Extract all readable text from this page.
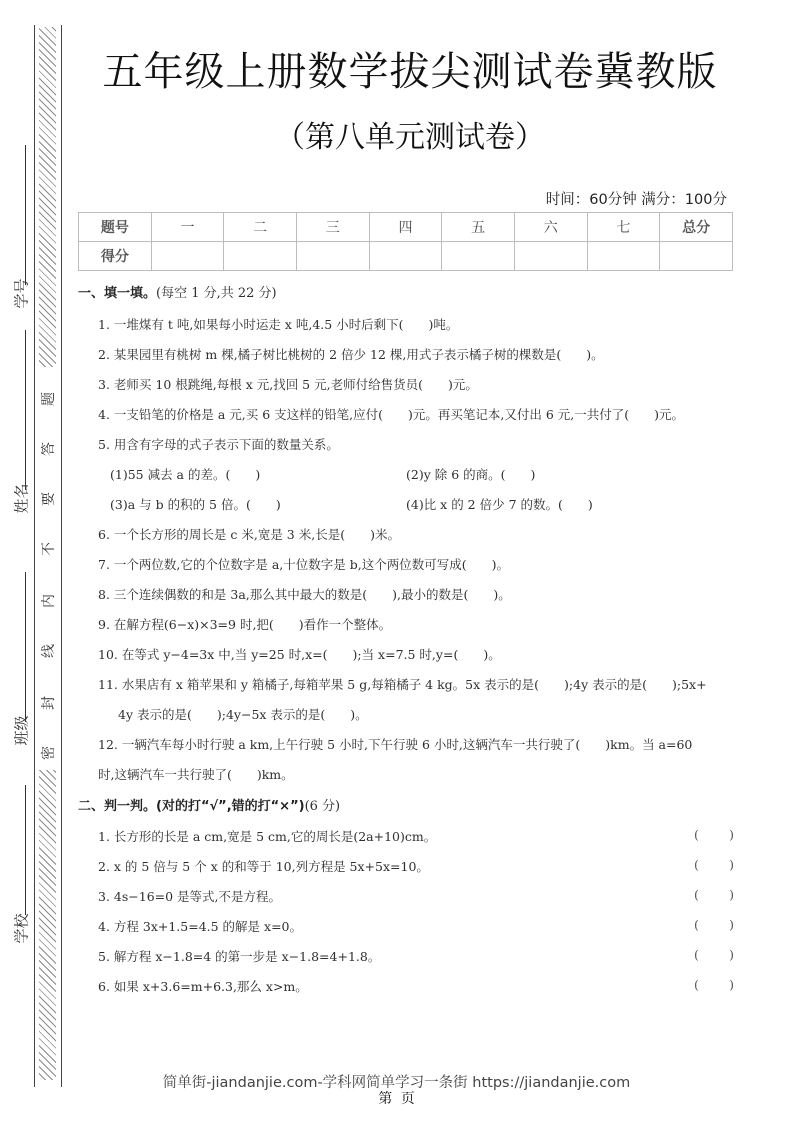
题
答
要
不
内
线
封
密
学号
姓名
班级
学校
五年级上册数学拔尖测试卷冀教版
（第八单元测试卷）
时间：60分钟 满分：100分
题号	一	二	三	四	五	六	七	总分
得分								
一、填一填。(每空 1 分,共 22 分)
1. 一堆煤有 t 吨,如果每小时运走 x 吨,4.5 小时后剩下(　　)吨。
2. 某果园里有桃树 m 棵,橘子树比桃树的 2 倍少 12 棵,用式子表示橘子树的棵数是(　　)。
3. 老师买 10 根跳绳,每根 x 元,找回 5 元,老师付给售货员(　　)元。
4. 一支铅笔的价格是 a 元,买 6 支这样的铅笔,应付(　　)元。再买笔记本,又付出 6 元,一共付了(　　)元。
5. 用含有字母的式子表示下面的数量关系。
(1)55 减去 a 的差。(　　)	(2)y 除 6 的商。(　　)
(3)a 与 b 的积的 5 倍。(　　)	(4)比 x 的 2 倍少 7 的数。(　　)
6. 一个长方形的周长是 c 米,宽是 3 米,长是(　　)米。
7. 一个两位数,它的个位数字是 a,十位数字是 b,这个两位数可写成(　　)。
8. 三个连续偶数的和是 3a,那么其中最大的数是(　　),最小的数是(　　)。
9. 在解方程(6−x)×3=9 时,把(　　)看作一个整体。
10. 在等式 y−4=3x 中,当 y=25 时,x=(　　);当 x=7.5 时,y=(　　)。
11. 水果店有 x 箱苹果和 y 箱橘子,每箱苹果 5 g,每箱橘子 4 kg。5x 表示的是(　　);4y 表示的是(　　);5x+
4y 表示的是(　　);4y−5x 表示的是(　　)。
12. 一辆汽车每小时行驶 a km,上午行驶 5 小时,下午行驶 6 小时,这辆汽车一共行驶了(　　)km。当 a=60
时,这辆汽车一共行驶了(　　)km。
二、判一判。(对的打“√”,错的打“×”)(6 分)
1. 长方形的长是 a cm,宽是 5 cm,它的周长是(2a+10)cm。	( )
2. x 的 5 倍与 5 个 x 的和等于 10,列方程是 5x+5x=10。	( )
3. 4s−16=0 是等式,不是方程。	( )
4. 方程 3x+1.5=4.5 的解是 x=0。	( )
5. 解方程 x−1.8=4 的第一步是 x−1.8=4+1.8。	( )
6. 如果 x+3.6=m+6.3,那么 x>m。	( )
简单街-jiandanjie.com-学科网简单学习一条街 https://jiandanjie.com
第 页
